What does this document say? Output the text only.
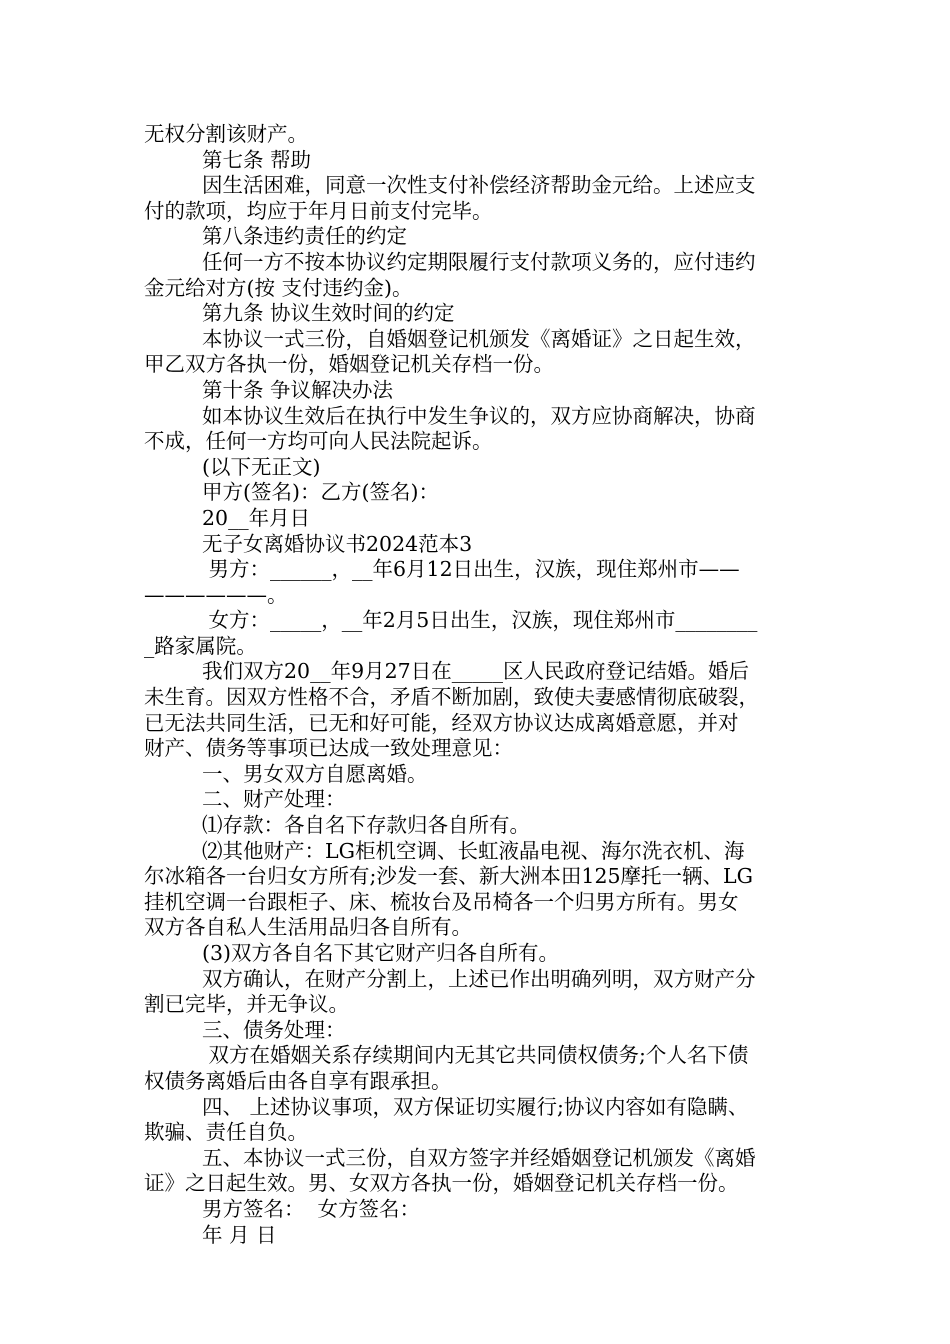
无权分割该财产。
第七条 帮助
因生活困难，同意一次性支付补偿经济帮助金元给。上述应支
付的款项，均应于年月日前支付完毕。
第八条违约责任的约定
任何一方不按本协议约定期限履行支付款项义务的，应付违约
金元给对方(按 支付违约金)。
第九条 协议生效时间的约定
本协议一式三份，自婚姻登记机颁发《离婚证》之日起生效，
甲乙双方各执一份，婚姻登记机关存档一份。
第十条 争议解决办法
如本协议生效后在执行中发生争议的，双方应协商解决，协商
不成，任何一方均可向人民法院起诉。
(以下无正文)
甲方(签名)：乙方(签名)：
20__年月日
无子女离婚协议书2024范本3
男方：______，__年6月12日出生，汉族，现住郑州市——
——————。
女方：_____，__年2月5日出生，汉族，现住郑州市________
_路家属院。
我们双方20__年9月27日在_____区人民政府登记结婚。婚后
未生育。因双方性格不合，矛盾不断加剧，致使夫妻感情彻底破裂，
已无法共同生活，已无和好可能，经双方协议达成离婚意愿，并对
财产、债务等事项已达成一致处理意见：
一、男女双方自愿离婚。
二、财产处理：
⑴存款：各自名下存款归各自所有。
⑵其他财产：LG柜机空调、长虹液晶电视、海尔洗衣机、海
尔冰箱各一台归女方所有;沙发一套、新大洲本田125摩托一辆、LG
挂机空调一台跟柜子、床、梳妆台及吊椅各一个归男方所有。男女
双方各自私人生活用品归各自所有。
(3)双方各自名下其它财产归各自所有。
双方确认，在财产分割上，上述已作出明确列明，双方财产分
割已完毕，并无争议。
三、债务处理：
双方在婚姻关系存续期间内无其它共同债权债务;个人名下债
权债务离婚后由各自享有跟承担。
四、 上述协议事项，双方保证切实履行;协议内容如有隐瞒、
欺骗、责任自负。
五、本协议一式三份，自双方签字并经婚姻登记机颁发《离婚
证》之日起生效。男、女双方各执一份，婚姻登记机关存档一份。
男方签名：  女方签名：
年 月 日
